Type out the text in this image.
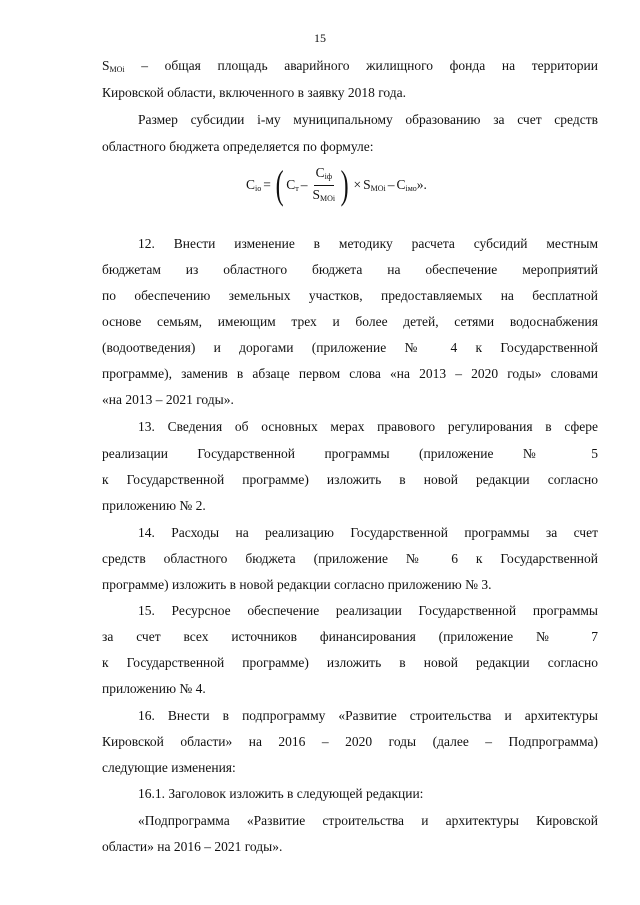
15
$S_{MOi}$ – общая площадь аварийного жилищного фонда на территории
Кировской области, включенного в заявку 2018 года.
Размер субсидии i-му муниципальному образованию за счет средств
областного бюджета определяется по формуле:
$C_{iо}$ = ( $C_т - \frac{C_{iф}}{S_{MOi}}$ ) × $S_{MOi} - C_{iмо}$ ».
12. Внести изменение в методику расчета субсидий местным
бюджетам из областного бюджета на обеспечение мероприятий
по обеспечению земельных участков, предоставляемых на бесплатной
основе семьям, имеющим трех и более детей, сетями водоснабжения
(водоотведения) и дорогами (приложение № 4 к Государственной
программе), заменив в абзаце первом слова «на 2013 – 2020 годы» словами
«на 2013 – 2021 годы».
13. Сведения об основных мерах правового регулирования в сфере
реализации Государственной программы (приложение № 5
к Государственной программе) изложить в новой редакции согласно
приложению № 2.
14. Расходы на реализацию Государственной программы за счет
средств областного бюджета (приложение № 6 к Государственной
программе) изложить в новой редакции согласно приложению № 3.
15. Ресурсное обеспечение реализации Государственной программы
за счет всех источников финансирования (приложение № 7
к Государственной программе) изложить в новой редакции согласно
приложению № 4.
16. Внести в подпрограмму «Развитие строительства и архитектуры
Кировской области» на 2016 – 2020 годы (далее – Подпрограмма)
следующие изменения:
16.1. Заголовок изложить в следующей редакции:
«Подпрограмма «Развитие строительства и архитектуры Кировской
области» на 2016 – 2021 годы».
